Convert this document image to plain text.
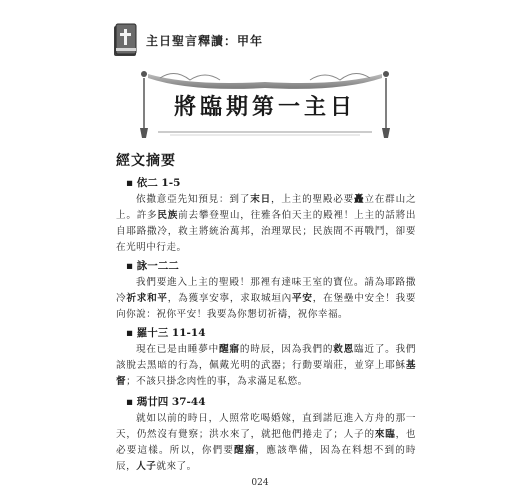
主日聖言釋讀：甲年
將臨期第一主日
經文摘要
▪ 依二 1-5
依撒意亞先知預見：到了末日，上主的聖殿必要矗立在群山之上。許多民族前去攀登聖山，往雅各伯天主的殿裡！上主的話將出自耶路撒冷，救主將統治萬邦，治理眾民；民族間不再戰鬥，卻要在光明中行走。
▪ 詠一二二
我們要進入上主的聖殿！那裡有達味王室的寶位。請為耶路撒冷祈求和平，為獲享安寧，求取城垣內平安，在堡壘中安全！我要向你說：祝你平安！我要為你懇切祈禱，祝你幸福。
▪ 羅十三 11-14
現在已是由睡夢中醒寤的時辰，因為我們的救恩臨近了。我們該脫去黑暗的行為，佩戴光明的武器；行動要端莊，並穿上耶穌基督；不該只掛念肉性的事，為求滿足私慾。
▪ 瑪廿四 37-44
就如以前的時日，人照常吃喝婚嫁，直到諾厄進入方舟的那一天，仍然沒有覺察；洪水來了，就把他們捲走了；人子的來臨，也必要這樣。所以，你們要醒寤，應該準備，因為在料想不到的時辰，人子就來了。
024
